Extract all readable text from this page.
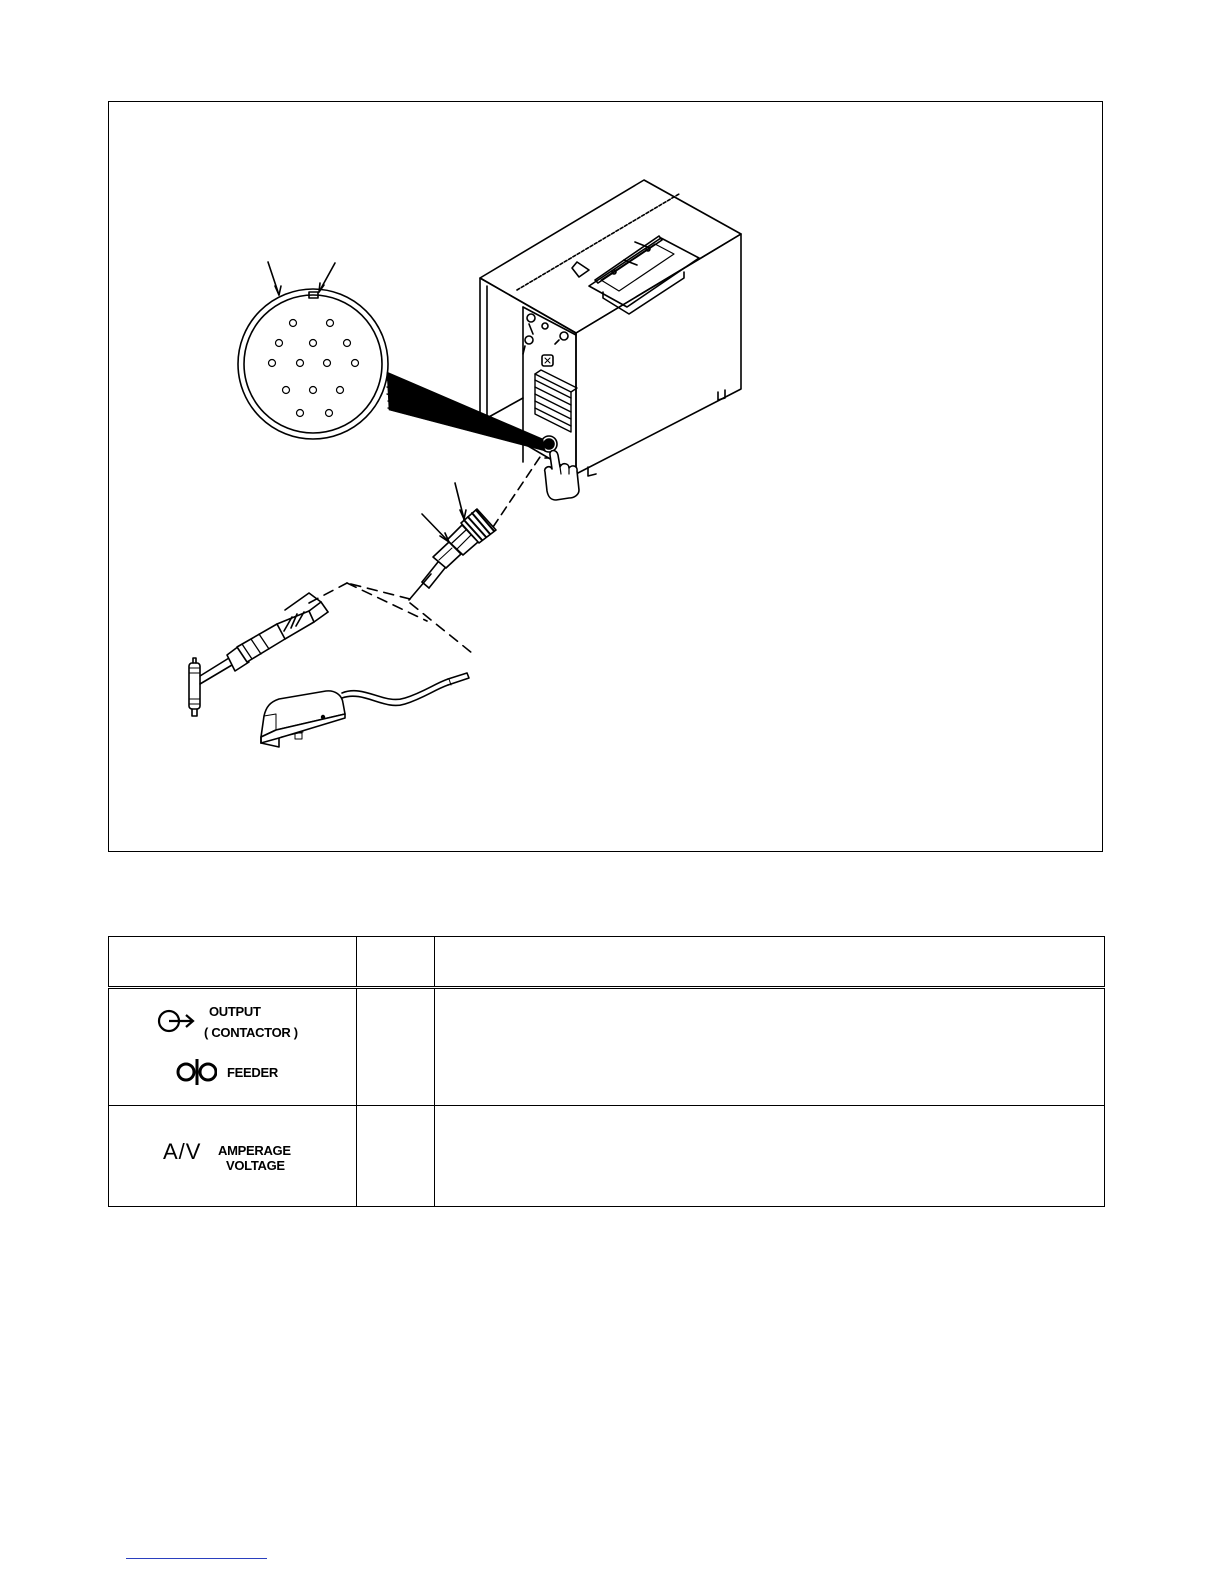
OUTPUT
( CONTACTOR )
FEEDER		

A/V AMPERAGE
VOLTAGE		
